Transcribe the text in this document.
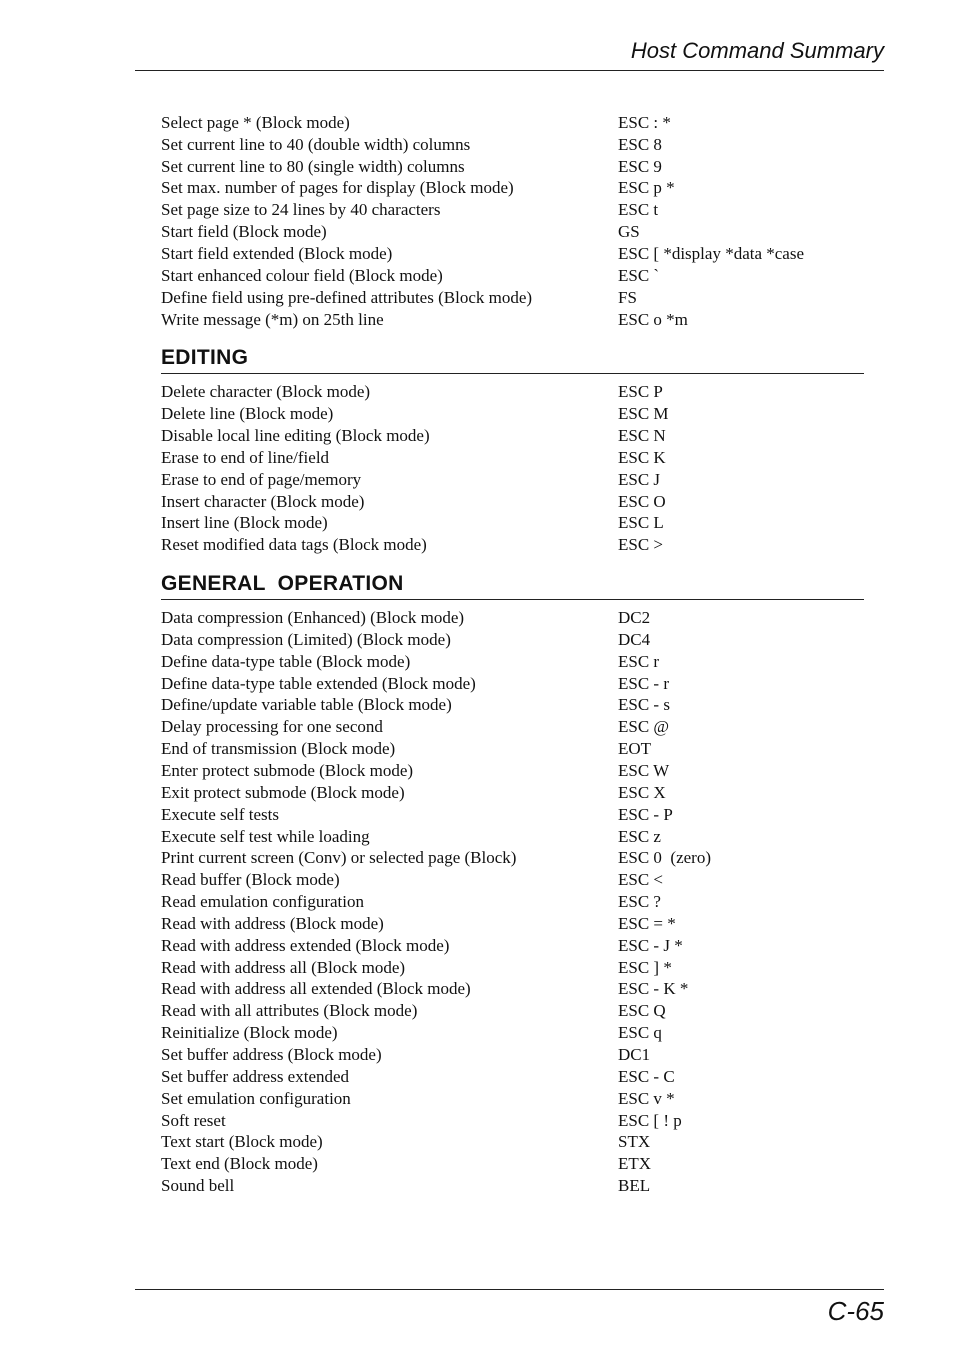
Host Command Summary
Select page * (Block mode)	ESC : *
Set current line to 40 (double width) columns	ESC 8
Set current line to 80 (single width) columns	ESC 9
Set max. number of pages for display (Block mode)	ESC p *
Set page size to 24 lines by 40 characters	ESC t
Start field (Block mode)	GS
Start field extended (Block mode)	ESC [ *display *data *case
Start enhanced colour field (Block mode)	ESC `
Define field using pre-defined attributes (Block mode)	FS
Write message (*m) on 25th line	ESC o *m
EDITING
Delete character (Block mode)	ESC P
Delete line (Block mode)	ESC M
Disable local line editing (Block mode)	ESC N
Erase to end of line/field	ESC K
Erase to end of page/memory	ESC J
Insert character (Block mode)	ESC O
Insert line (Block mode)	ESC L
Reset modified data tags (Block mode)	ESC >
GENERAL  OPERATION
Data compression (Enhanced) (Block mode)	DC2
Data compression (Limited) (Block mode)	DC4
Define data-type table (Block mode)	ESC r
Define data-type table extended (Block mode)	ESC - r
Define/update variable table (Block mode)	ESC - s
Delay processing for one second	ESC @
End of transmission (Block mode)	EOT
Enter protect submode (Block mode)	ESC W
Exit protect submode (Block mode)	ESC X
Execute self tests	ESC - P
Execute self test while loading	ESC z
Print current screen (Conv) or selected page (Block)	ESC 0  (zero)
Read buffer (Block mode)	ESC <
Read emulation configuration	ESC ?
Read with address (Block mode)	ESC = *
Read with address extended (Block mode)	ESC - J *
Read with address all (Block mode)	ESC ] *
Read with address all extended (Block mode)	ESC - K *
Read with all attributes (Block mode)	ESC Q
Reinitialize (Block mode)	ESC q
Set buffer address (Block mode)	DC1
Set buffer address extended	ESC - C
Set emulation configuration	ESC v *
Soft reset	ESC [ ! p
Text start (Block mode)	STX
Text end (Block mode)	ETX
Sound bell	BEL
C-65
